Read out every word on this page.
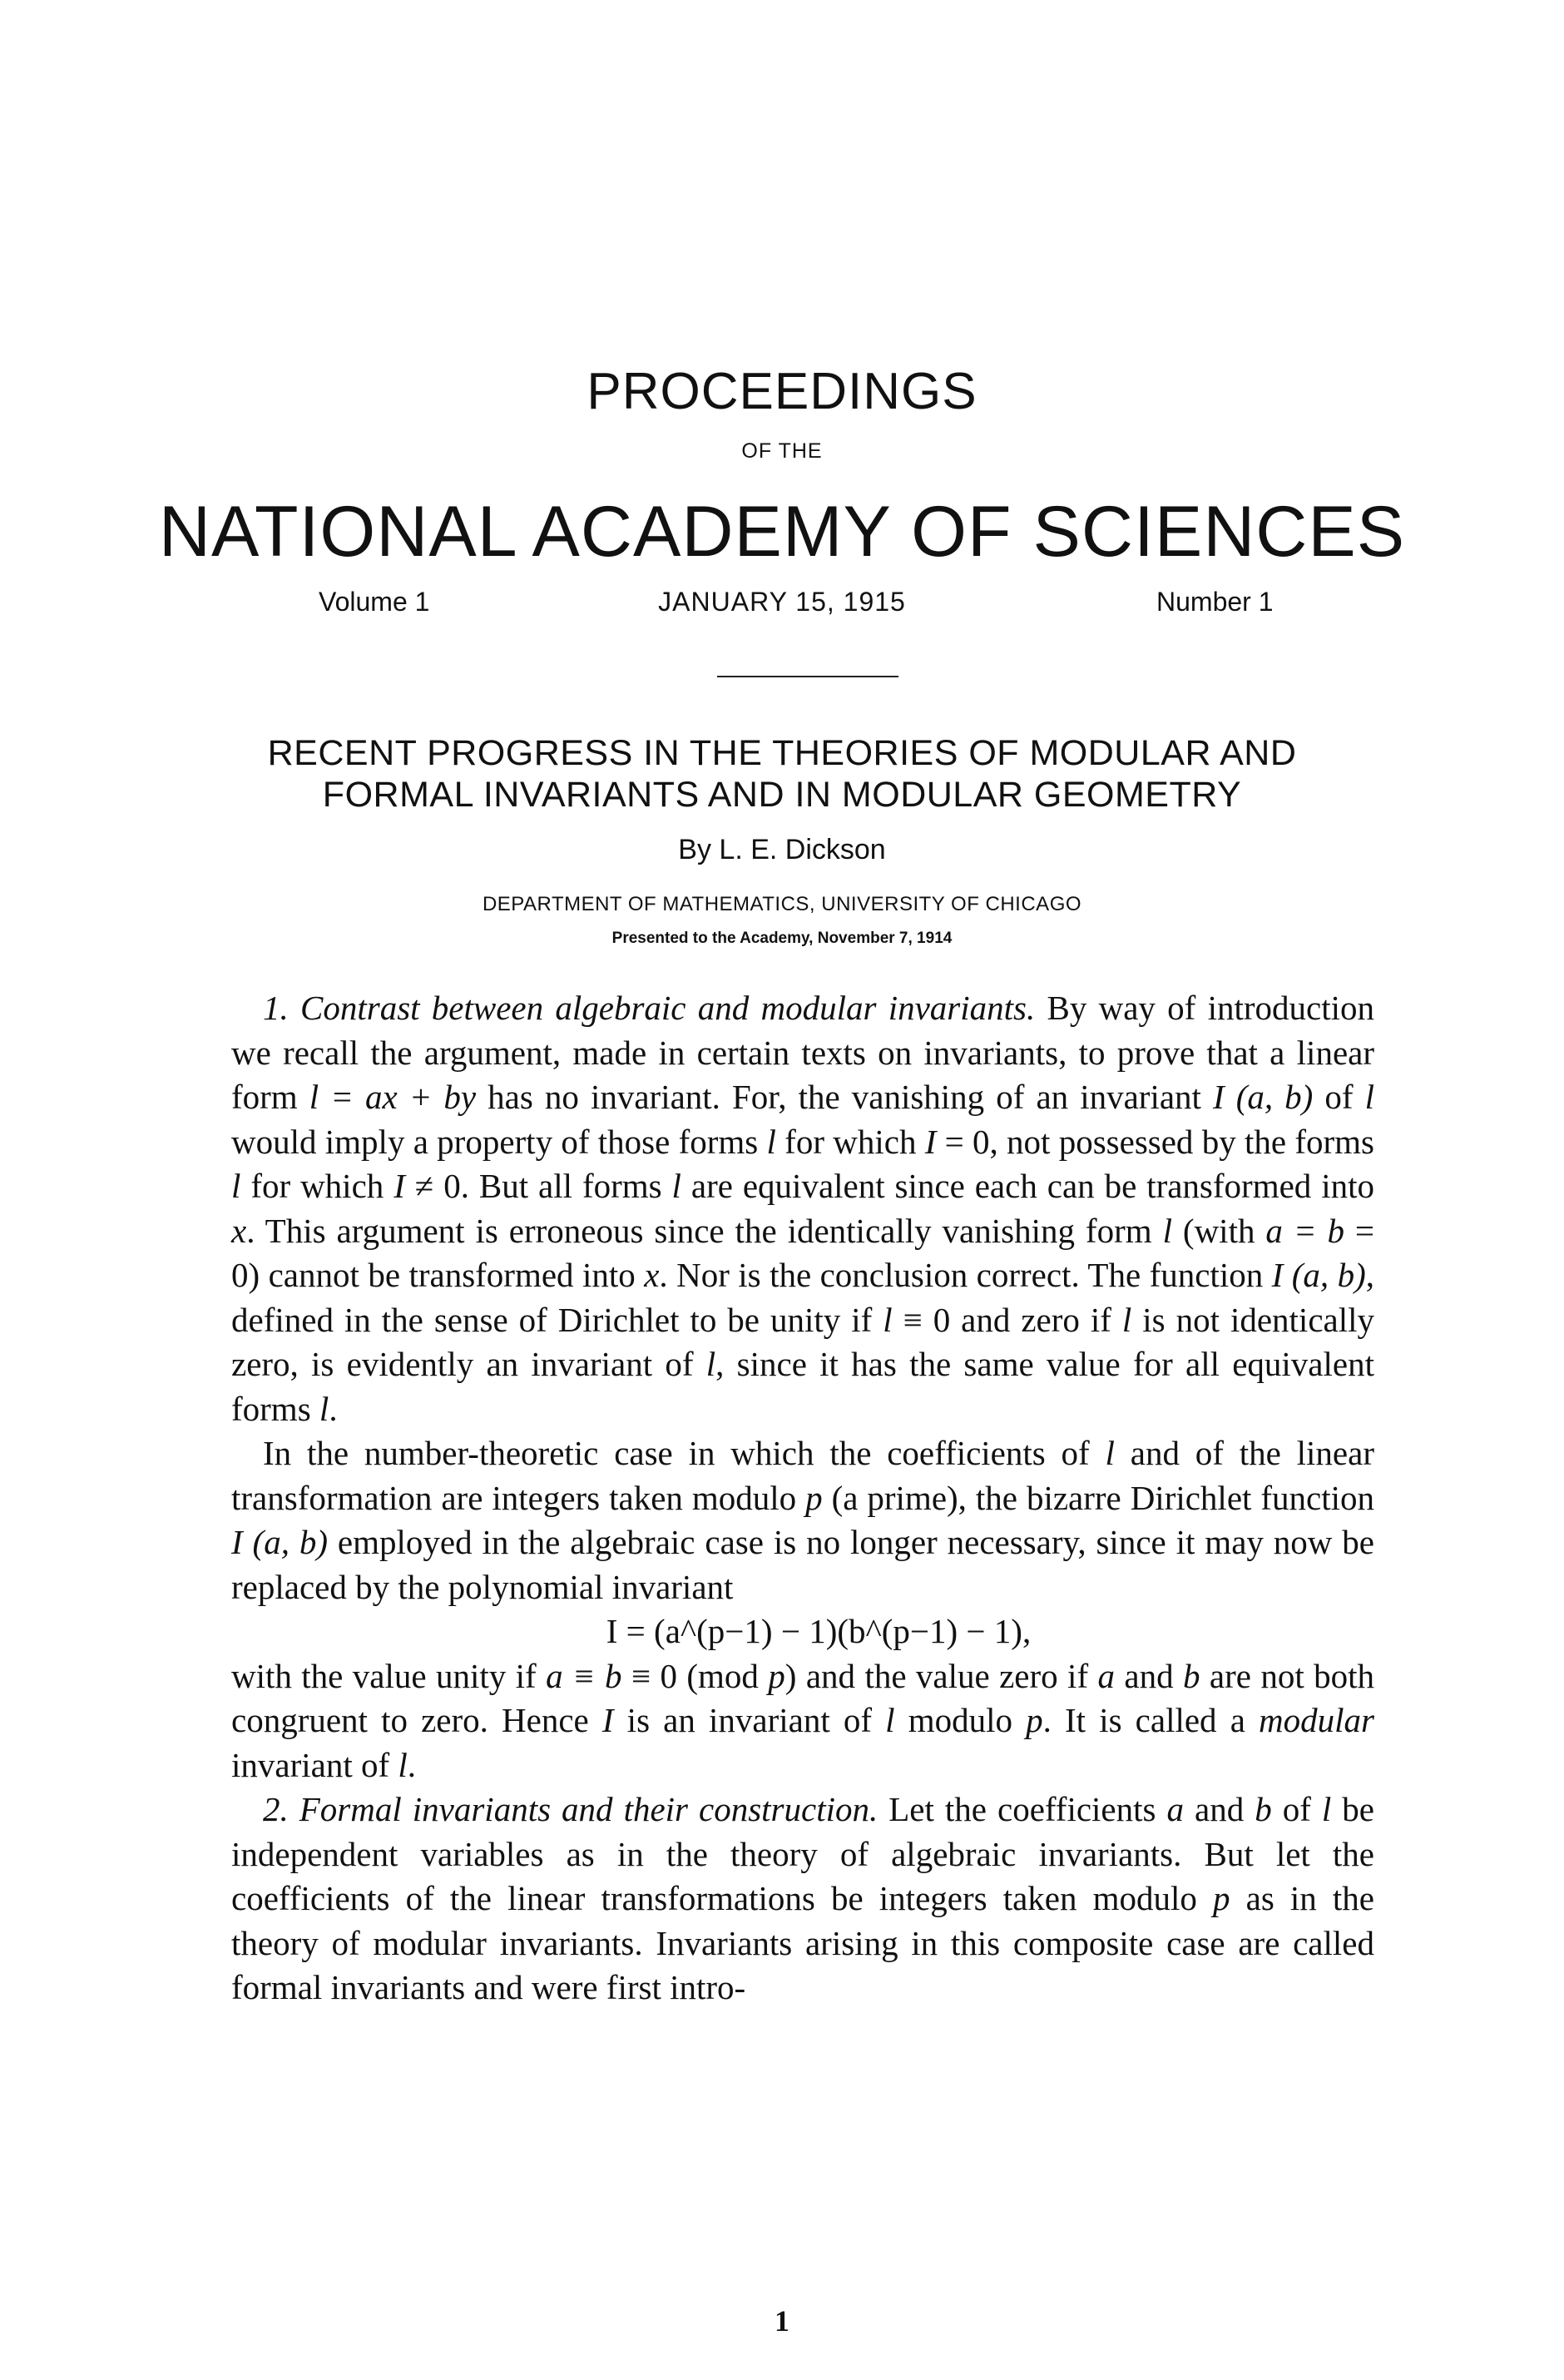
PROCEEDINGS
OF THE
NATIONAL ACADEMY OF SCIENCES
JANUARY 15, 1915
Volume 1	Number 1
RECENT PROGRESS IN THE THEORIES OF MODULAR AND
FORMAL INVARIANTS AND IN MODULAR GEOMETRY
By L. E. Dickson
DEPARTMENT OF MATHEMATICS, UNIVERSITY OF CHICAGO
Presented to the Academy, November 7, 1914

1. Contrast between algebraic and modular invariants. By way of introduction we recall the argument, made in certain texts on invariants, to prove that a linear form l = ax + by has no invariant. For, the vanishing of an invariant I (a, b) of l would imply a property of those forms l for which I = 0, not possessed by the forms l for which I ≠ 0. But all forms l are equivalent since each can be transformed into x. This argument is erroneous since the identically vanishing form l (with a = b = 0) cannot be transformed into x. Nor is the conclusion correct. The function I (a, b), defined in the sense of Dirichlet to be unity if l ≡ 0 and zero if l is not identically zero, is evidently an invariant of l, since it has the same value for all equivalent forms l.

In the number-theoretic case in which the coefficients of l and of the linear transformation are integers taken modulo p (a prime), the bizarre Dirichlet function I (a, b) employed in the algebraic case is no longer necessary, since it may now be replaced by the polynomial invariant

I = (a^(p−1) − 1)(b^(p−1) − 1),

with the value unity if a ≡ b ≡ 0 (mod p) and the value zero if a and b are not both congruent to zero. Hence I is an invariant of l modulo p. It is called a modular invariant of l.

2. Formal invariants and their construction. Let the coefficients a and b of l be independent variables as in the theory of algebraic invariants. But let the coefficients of the linear transformations be integers taken modulo p as in the theory of modular invariants. Invariants arising in this composite case are called formal invariants and were first intro-

1
